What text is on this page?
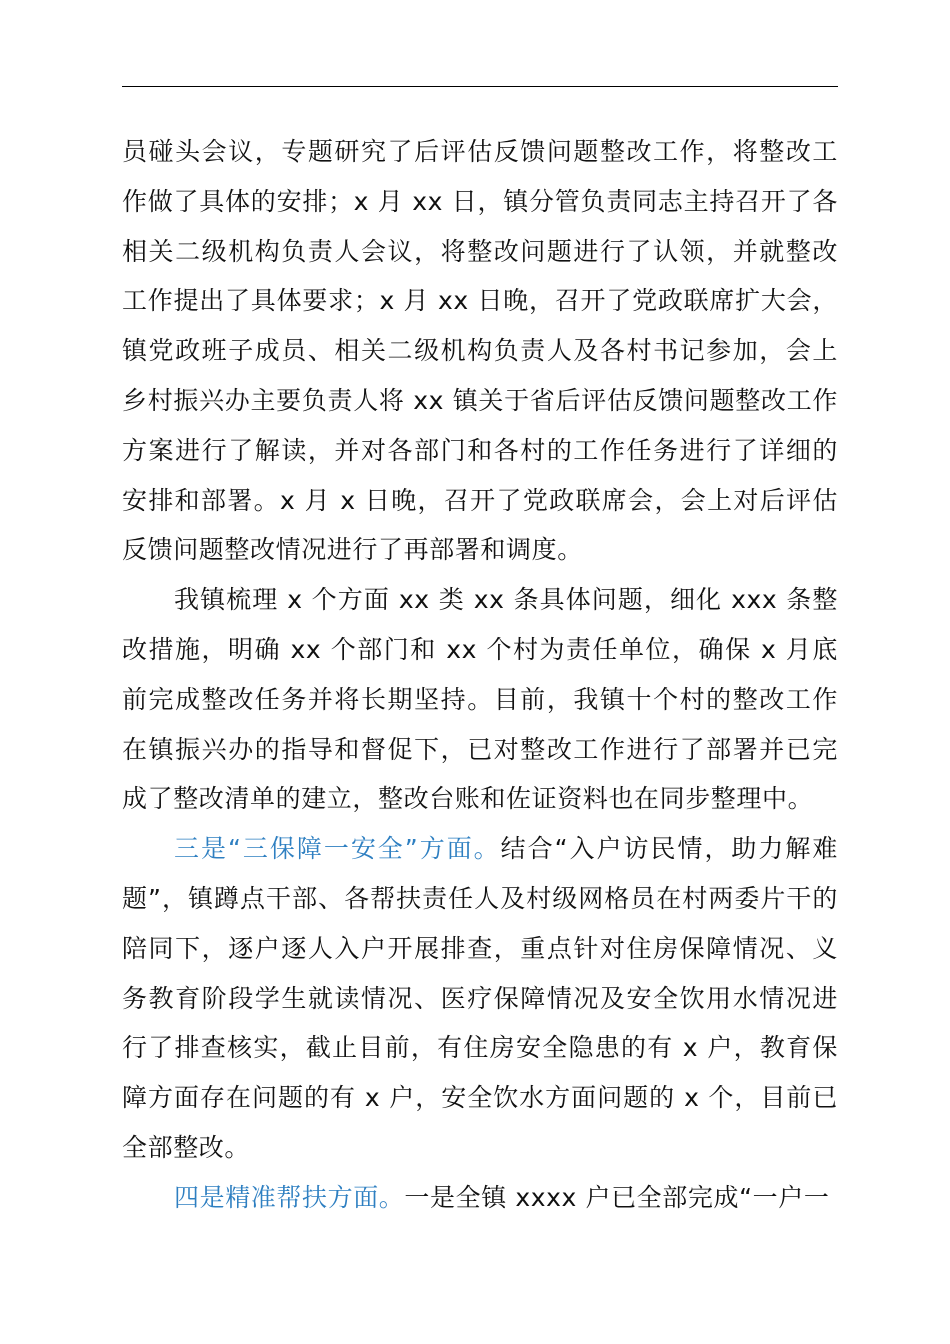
员碰头会议，专题研究了后评估反馈问题整改工作，将整改工作做了具体的安排；x 月 xx 日，镇分管负责同志主持召开了各相关二级机构负责人会议，将整改问题进行了认领，并就整改工作提出了具体要求；x 月 xx 日晚，召开了党政联席扩大会，镇党政班子成员、相关二级机构负责人及各村书记参加，会上乡村振兴办主要负责人将 xx 镇关于省后评估反馈问题整改工作方案进行了解读，并对各部门和各村的工作任务进行了详细的安排和部署。x 月 x 日晚，召开了党政联席会，会上对后评估反馈问题整改情况进行了再部署和调度。

我镇梳理 x 个方面 xx 类 xx 条具体问题，细化 xxx 条整改措施，明确 xx 个部门和 xx 个村为责任单位，确保 x 月底前完成整改任务并将长期坚持。目前，我镇十个村的整改工作在镇振兴办的指导和督促下，已对整改工作进行了部署并已完成了整改清单的建立，整改台账和佐证资料也在同步整理中。

三是“三保障一安全”方面。结合“入户访民情，助力解难题”，镇蹲点干部、各帮扶责任人及村级网格员在村两委片干的陪同下，逐户逐人入户开展排查，重点针对住房保障情况、义务教育阶段学生就读情况、医疗保障情况及安全饮用水情况进行了排查核实，截止目前，有住房安全隐患的有 x 户，教育保障方面存在问题的有 x 户，安全饮水方面问题的 x 个，目前已全部整改。

四是精准帮扶方面。一是全镇 xxxx 户已全部完成“一户一
